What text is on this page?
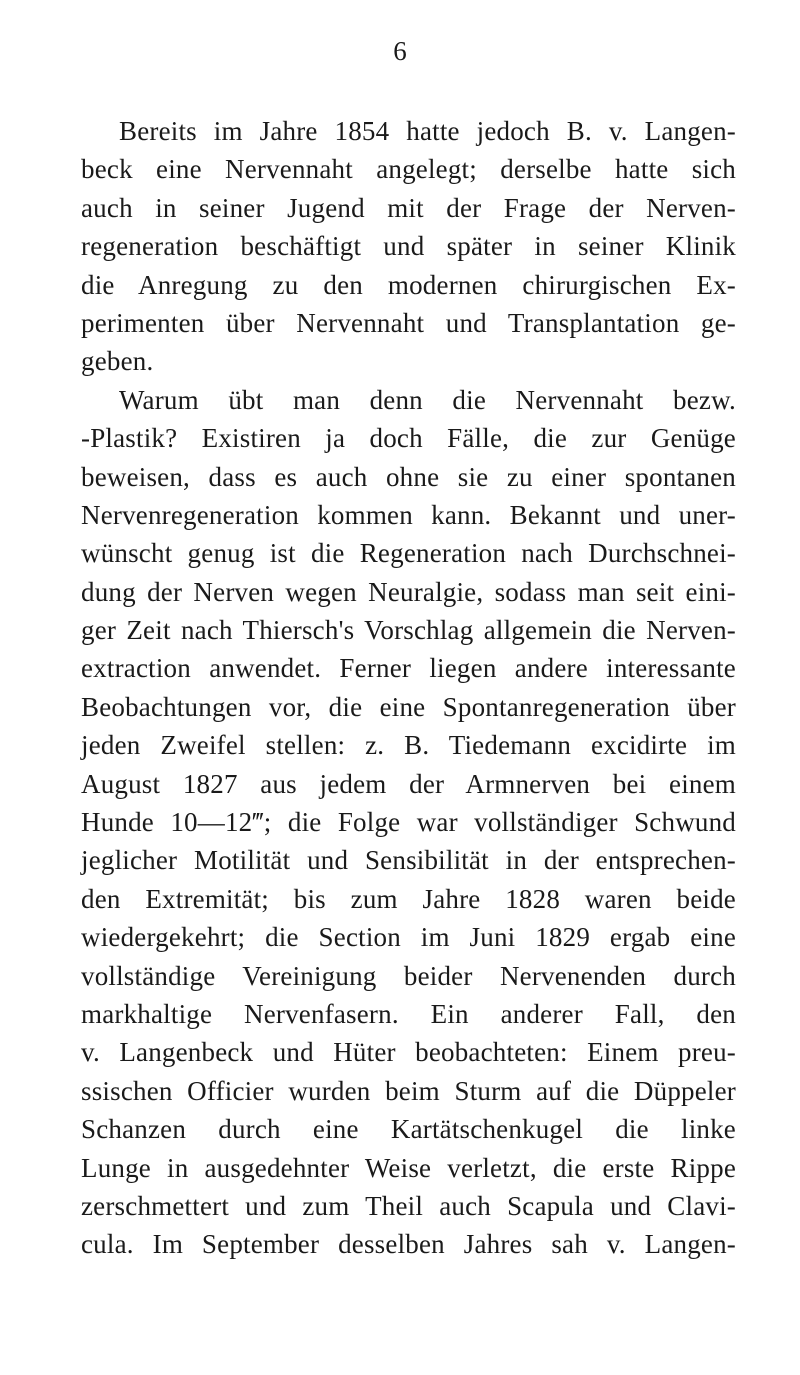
6
Bereits im Jahre 1854 hatte jedoch B. v. Langen-
beck eine Nervennaht angelegt; derselbe hatte sich
auch in seiner Jugend mit der Frage der Nerven-
regeneration beschäftigt und später in seiner Klinik
die Anregung zu den modernen chirurgischen Ex-
perimenten über Nervennaht und Transplantation ge-
geben.
Warum übt man denn die Nervennaht bezw.
-Plastik? Existiren ja doch Fälle, die zur Genüge
beweisen, dass es auch ohne sie zu einer spontanen
Nervenregeneration kommen kann. Bekannt und uner-
wünscht genug ist die Regeneration nach Durchschnei-
dung der Nerven wegen Neuralgie, sodass man seit eini-
ger Zeit nach Thiersch's Vorschlag allgemein die Nerven-
extraction anwendet. Ferner liegen andere interessante
Beobachtungen vor, die eine Spontanregeneration über
jeden Zweifel stellen: z. B. Tiedemann excidirte im
August 1827 aus jedem der Armnerven bei einem
Hunde 10—12‴; die Folge war vollständiger Schwund
jeglicher Motilität und Sensibilität in der entsprechen-
den Extremität; bis zum Jahre 1828 waren beide
wiedergekehrt; die Section im Juni 1829 ergab eine
vollständige Vereinigung beider Nervenenden durch
markhaltige Nervenfasern. Ein anderer Fall, den
v. Langenbeck und Hüter beobachteten: Einem preu-
ssischen Officier wurden beim Sturm auf die Düppeler
Schanzen durch eine Kartätschenkugel die linke
Lunge in ausgedehnter Weise verletzt, die erste Rippe
zerschmettert und zum Theil auch Scapula und Clavi-
cula. Im September desselben Jahres sah v. Langen-
